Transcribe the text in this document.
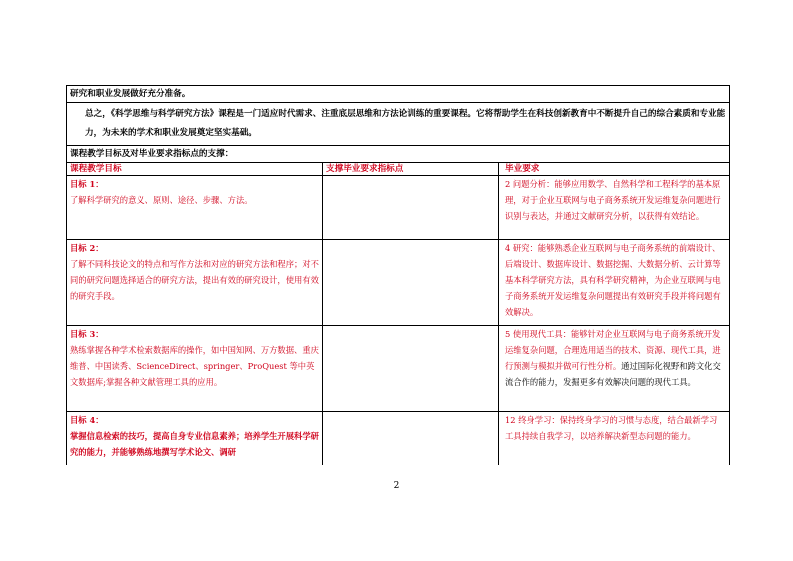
研究和职业发展做好充分准备。
总之，《科学思维与科学研究方法》课程是一门适应时代需求、注重底层思维和方法论训练的重要课程。它将帮助学生在科技创新教育中不断提升自己的综合素质和专业能力，为未来的学术和职业发展奠定坚实基础。
课程教学目标及对毕业要求指标点的支撑：
课程教学目标	支撑毕业要求指标点	毕业要求
目标 1：
了解科学研究的意义、原则、途径、步骤、方法。
2 问题分析：能够应用数学、自然科学和工程科学的基本原理，对于企业互联网与电子商务系统开发运维复杂问题进行识别与表达，并通过文献研究分析，以获得有效结论。
目标 2：
了解不同科技论文的特点和写作方法和对应的研究方法和程序；对不同的研究问题选择适合的研究方法，提出有效的研究设计，使用有效的研究手段。
4 研究：能够熟悉企业互联网与电子商务系统的前端设计、后端设计、数据库设计、数据挖掘、大数据分析、云计算等基本科学研究方法，具有科学研究精神，为企业互联网与电子商务系统开发运维复杂问题提出有效研究手段并将问题有效解决。
目标 3：
熟练掌握各种学术检索数据库的操作，如中国知网、万方数据、重庆维普、中国读秀、ScienceDirect、springer、ProQuest 等中英文数据库;掌握各种文献管理工具的应用。
5 使用现代工具：能够针对企业互联网与电子商务系统开发运维复杂问题，合理选用适当的技术、资源、现代工具，进行预测与模拟并做可行性分析。通过国际化视野和跨文化交流合作的能力，发掘更多有效解决问题的现代工具。
目标 4：
掌握信息检索的技巧，提高自身专业信息素养；培养学生开展科学研究的能力，并能够熟练地撰写学术论文、调研
12 终身学习：保持终身学习的习惯与态度，结合最新学习工具持续自我学习，以培养解决新型态问题的能力。
2
